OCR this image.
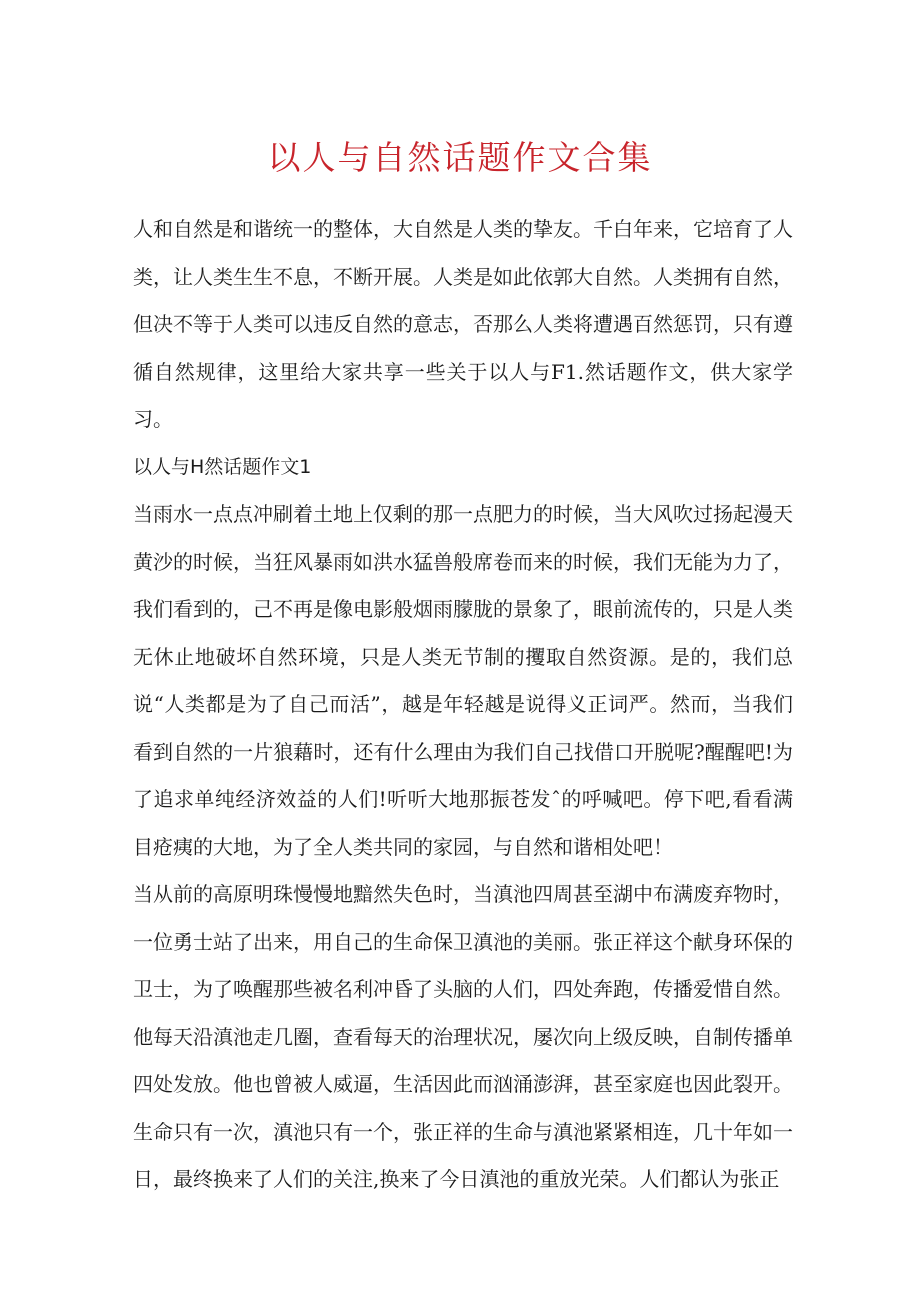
以人与自然话题作文合集

人和自然是和谐统一的整体，大自然是人类的挚友。千白年来，它培育了人类，让人类生生不息，不断开展。人类是如此依郭大自然。人类拥有自然，但决不等于人类可以违反自然的意志，否那么人类将遭遇百然惩罚，只有遵循自然规律，这里给大家共享一些关于以人与F1.然话题作文，供大家学习。

以人与H然话题作文1

当雨水一点点冲刷着土地上仅剩的那一点肥力的时候，当大风吹过扬起漫天黄沙的时候，当狂风暴雨如洪水猛兽般席卷而来的时候，我们无能为力了，我们看到的，己不再是像电影般烟雨朦胧的景象了，眼前流传的，只是人类无休止地破坏自然环境，只是人类无节制的攫取自然资源。是的，我们总说“人类都是为了自己而活”，越是年轻越是说得义正词严。然而，当我们看到自然的一片狼藉时，还有什么理由为我们自己找借口开脱呢?醒醒吧!为了追求单纯经济效益的人们!听听大地那振苍发ˆ的呼喊吧。停下吧,看看满目疮痍的大地，为了全人类共同的家园，与自然和谐相处吧！

当从前的高原明珠慢慢地黯然失色时，当滇池四周甚至湖中布满废弃物时，一位勇士站了出来，用自己的生命保卫滇池的美丽。张正祥这个献身环保的卫士，为了唤醒那些被名利冲昏了头脑的人们，四处奔跑，传播爱惜自然。他每天沿滇池走几圈，查看每天的治理状况，屡次向上级反映，自制传播单四处发放。他也曾被人威逼，生活因此而汹涌澎湃，甚至家庭也因此裂开。生命只有一次，滇池只有一个，张正祥的生命与滇池紧紧相连，几十年如一日，最终换来了人们的关注,换来了今日滇池的重放光荣。人们都认为张正
